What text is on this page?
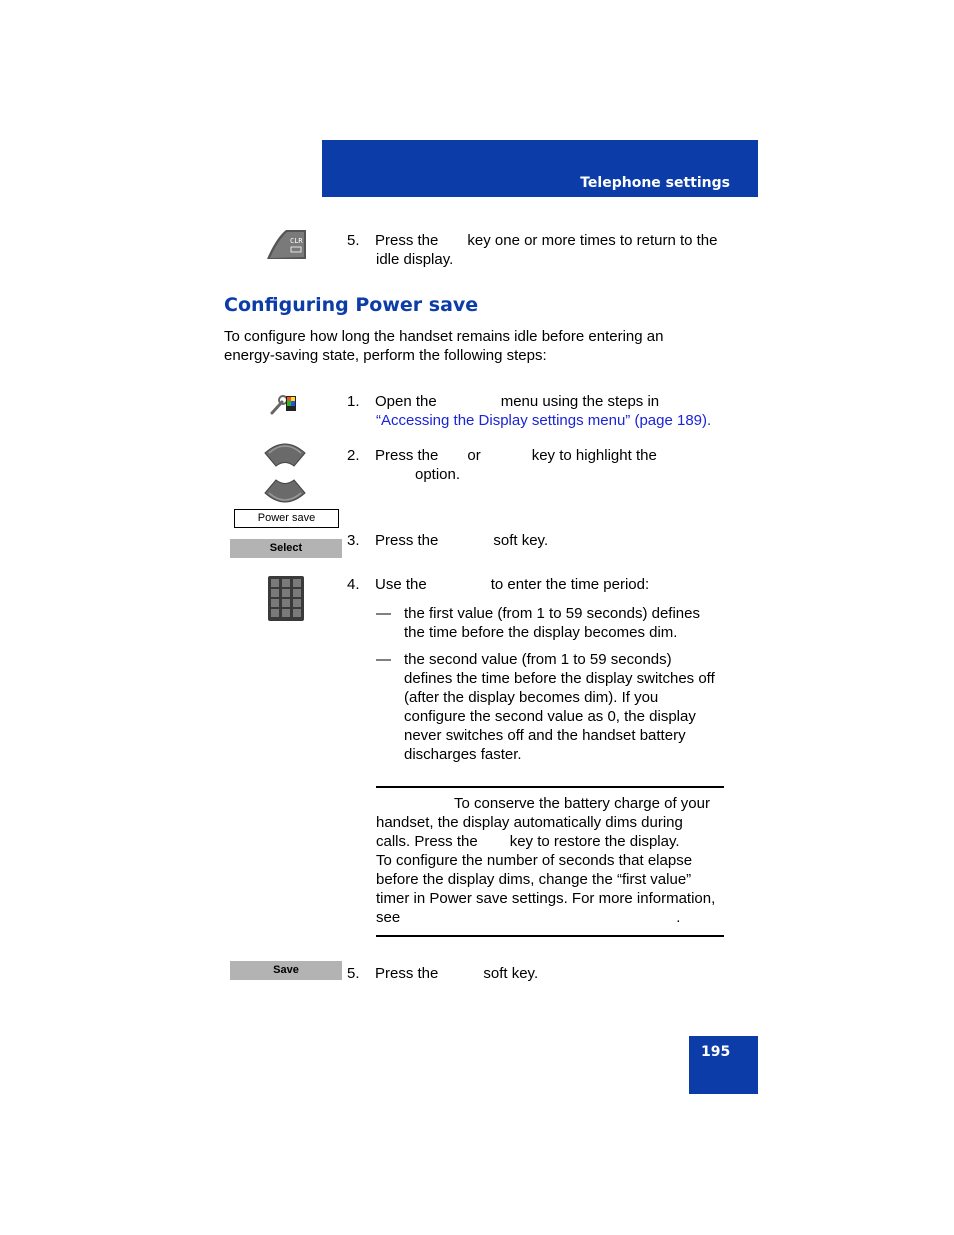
Telephone settings
CLR	5. Press the key one or more times to return to the
idle display.
Configuring Power save
To configure how long the handset remains idle before entering an
energy-saving state, perform the following steps:
1. Open the	menu using the steps in
“Accessing the Display settings menu” (page 189).
Power save
2. Press the or	key to highlight the
option.
Select	3. Press the	soft key.
4. Use the	to enter the time period:
— the first value (from 1 to 59 seconds) defines
the time before the display becomes dim.
— the second value (from 1 to 59 seconds)
defines the time before the display switches off
(after the display becomes dim). If you
configure the second value as 0, the display
never switches off and the handset battery
discharges faster.
To conserve the battery charge of your
handset, the display automatically dims during
calls. Press the key to restore the display.
To configure the number of seconds that elapse
before the display dims, change the “first value”
timer in Power save settings. For more information,
see	.
Save	5. Press the	soft key.
195
